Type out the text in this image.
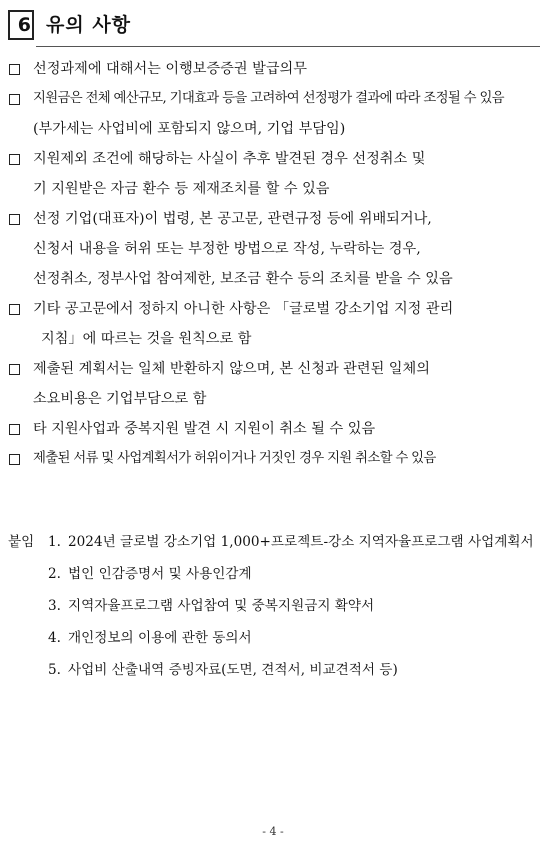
6 유의 사항
선정과제에 대해서는 이행보증증권 발급의무
지원금은 전체 예산규모, 기대효과 등을 고려하여 선정평가 결과에 따라 조정될 수 있음
(부가세는 사업비에 포함되지 않으며, 기업 부담임)
지원제외 조건에 해당하는 사실이 추후 발견된 경우 선정취소 및
기 지원받은 자금 환수 등 제재조치를 할 수 있음
선정 기업(대표자)이 법령, 본 공고문, 관련규정 등에 위배되거나,
신청서 내용을 허위 또는 부정한 방법으로 작성, 누락하는 경우,
선정취소, 정부사업 참여제한, 보조금 환수 등의 조치를 받을 수 있음
기타 공고문에서 정하지 아니한 사항은 「글로벌 강소기업 지정 관리
지침」에 따르는 것을 원칙으로 함
제출된 계획서는 일체 반환하지 않으며, 본 신청과 관련된 일체의
소요비용은 기업부담으로 함
타 지원사업과 중복지원 발견 시 지원이 취소 될 수 있음
제출된 서류 및 사업계획서가 허위이거나 거짓인 경우 지원 취소할 수 있음
붙임 1. 2024년 글로벌 강소기업 1,000+프로젝트-강소 지역자율프로그램 사업계획서
2. 법인 인감증명서 및 사용인감계
3. 지역자율프로그램 사업참여 및 중복지원금지 확약서
4. 개인정보의 이용에 관한 동의서
5. 사업비 산출내역 증빙자료(도면, 견적서, 비교견적서 등)
- 4 -
